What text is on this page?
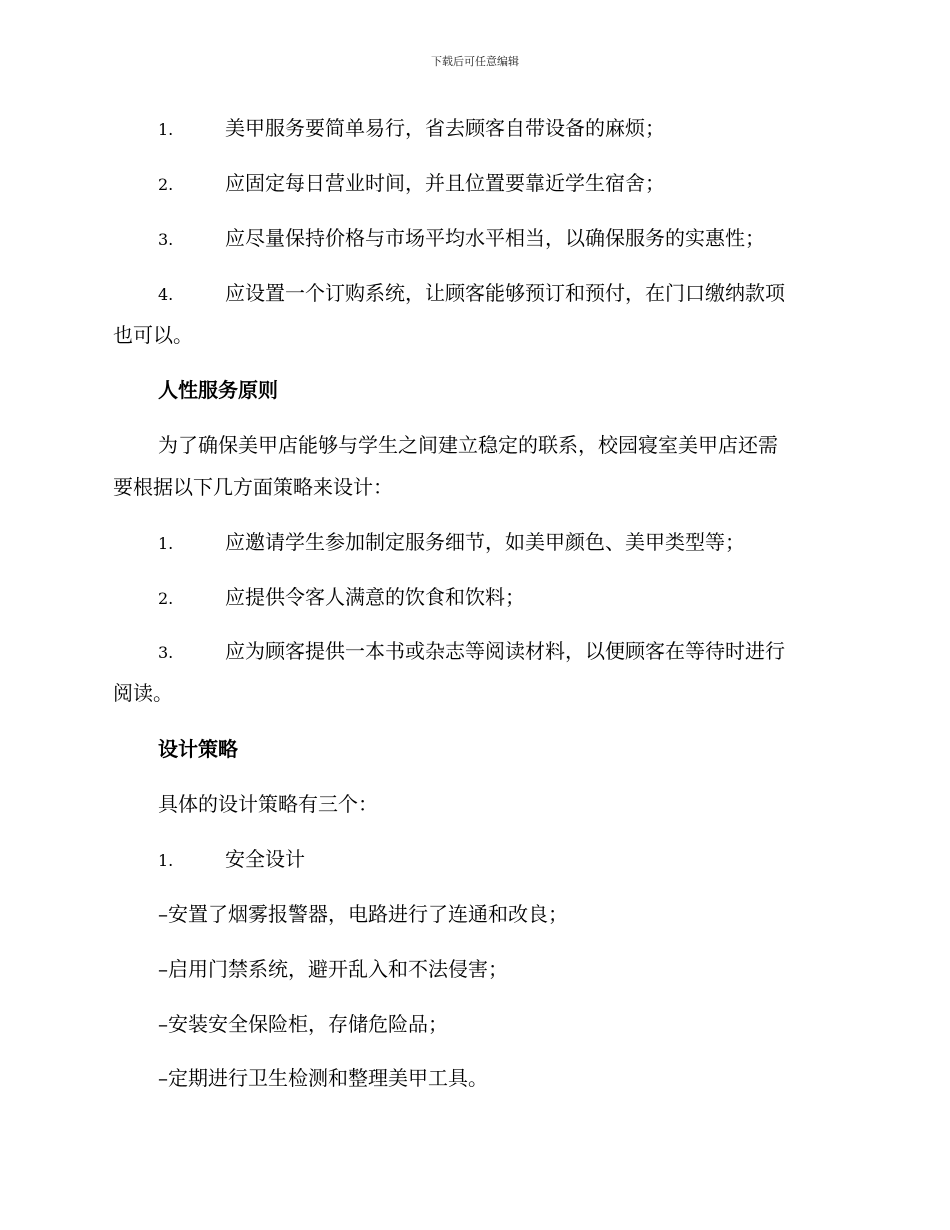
下载后可任意编辑
1.	美甲服务要简单易行，省去顾客自带设备的麻烦；
2.	应固定每日营业时间，并且位置要靠近学生宿舍；
3.	应尽量保持价格与市场平均水平相当，以确保服务的实惠性；
4.	应设置一个订购系统，让顾客能够预订和预付，在门口缴纳款项
也可以。
人性服务原则
为了确保美甲店能够与学生之间建立稳定的联系，校园寝室美甲店还需
要根据以下几方面策略来设计：
1.	应邀请学生参加制定服务细节，如美甲颜色、美甲类型等；
2.	应提供令客人满意的饮食和饮料；
3.	应为顾客提供一本书或杂志等阅读材料，以便顾客在等待时进行
阅读。
设计策略
具体的设计策略有三个：
1.	安全设计
–安置了烟雾报警器，电路进行了连通和改良；
–启用门禁系统，避开乱入和不法侵害；
–安装安全保险柜，存储危险品；
–定期进行卫生检测和整理美甲工具。
